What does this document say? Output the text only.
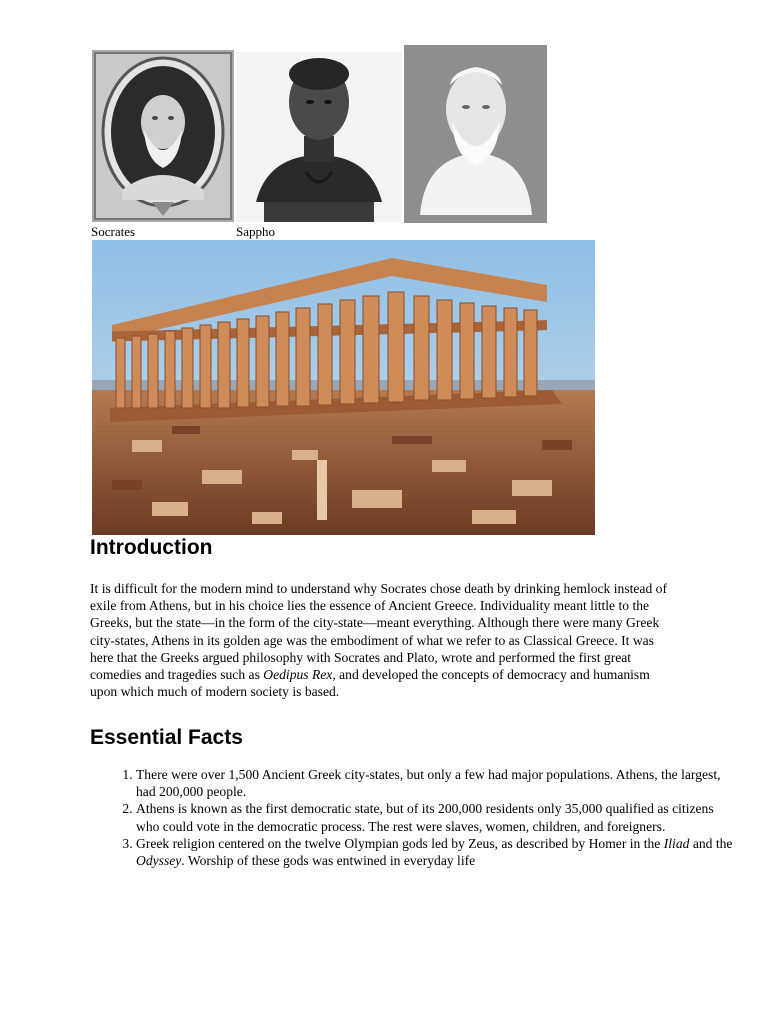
Socrates	Sappho
Introduction

It is difficult for the modern mind to understand why Socrates chose death by drinking hemlock instead of exile from Athens, but in his choice lies the essence of Ancient Greece. Individuality meant little to the Greeks, but the state—in the form of the city-state—meant everything. Although there were many Greek city-states, Athens in its golden age was the embodiment of what we refer to as Classical Greece. It was here that the Greeks argued philosophy with Socrates and Plato, wrote and performed the first great comedies and tragedies such as Oedipus Rex, and developed the concepts of democracy and humanism upon which much of modern society is based.

Essential Facts
1. There were over 1,500 Ancient Greek city-states, but only a few had major populations. Athens, the largest, had 200,000 people.
2. Athens is known as the first democratic state, but of its 200,000 residents only 35,000 qualified as citizens who could vote in the democratic process. The rest were slaves, women, children, and foreigners.
3. Greek religion centered on the twelve Olympian gods led by Zeus, as described by Homer in the Iliad and the Odyssey. Worship of these gods was entwined in everyday life
